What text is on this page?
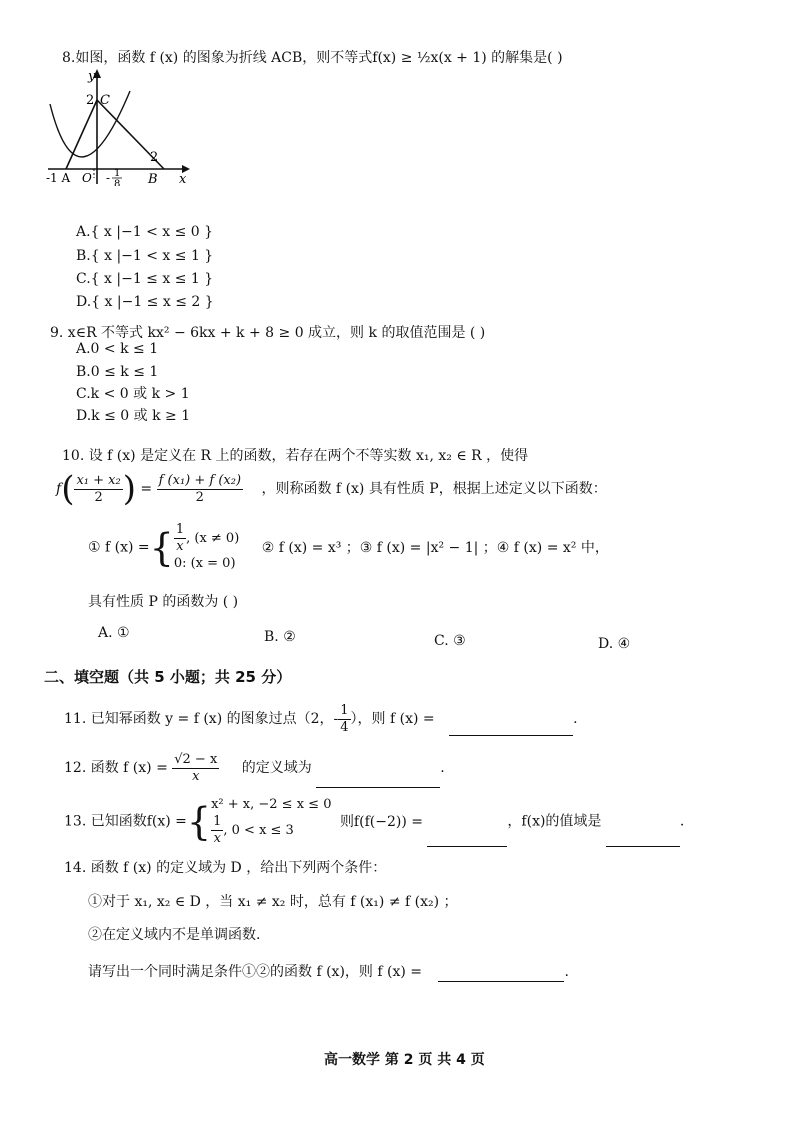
8.如图，函数 f (x) 的图象为折线 ACB，则不等式f(x) ≥ ½x(x + 1) 的解集是( )
y
x
2 C
2
B
-1 A O - 1
8
A.{ x |−1 < x ≤ 0 }
B.{ x |−1 < x ≤ 1 }
C.{ x |−1 ≤ x ≤ 1 }
D.{ x |−1 ≤ x ≤ 2 }
9. x∈R 不等式 kx² − 6kx + k + 8 ≥ 0 成立，则 k 的取值范围是 ( )
A.0 < k ≤ 1
B.0 ≤ k ≤ 1
C.k < 0 或 k > 1
D.k ≤ 0 或 k ≥ 1
10. 设 f (x) 是定义在 R 上的函数，若存在两个不等实数 x₁, x₂ ∈ R ，使得
$f( \frac{\text{x₁ + x₂}}{2}$ ) = $\frac{\text{f (x₁) + f (x₂)}}{2}$ ，则称函数 f (x) 具有性质 P，根据上述定义以下函数：
① f (x) ={ $\frac{1}{x}$ , (x ≠ 0)
0: (x = 0)
② f (x) = x³ ；③ f (x) = |x² − 1| ；④ f (x) = x² 中，
具有性质 P 的函数为 ( )
A. ①	B. ②	C. ③	D. ④
二、填空题（共 5 小题；共 25 分）
11. 已知幂函数 y = f (x) 的图象过点（2，- $\frac{1}{4}$ ），则 f (x) =	.
12. 函数 f $(x) = \frac{√2 - x}{x}$ 的定义域为	.
13. 已知函数f(x) ={ x² + x, −2 ≤ x ≤ 0
$\frac{1}{x}$ , 0 < x ≤ 3
则f(f(−2)) =	，f(x)的值域是	.
14. 函数 f (x) 的定义域为 D ，给出下列两个条件：
①对于 x₁, x₂ ∈ D ，当 x₁ ≠ x₂ 时，总有 f (x₁) ≠ f (x₂) ；
②在定义域内不是单调函数.
请写出一个同时满足条件①②的函数 f (x)，则 f (x) =	.
高一数学 第 2 页 共 4 页
